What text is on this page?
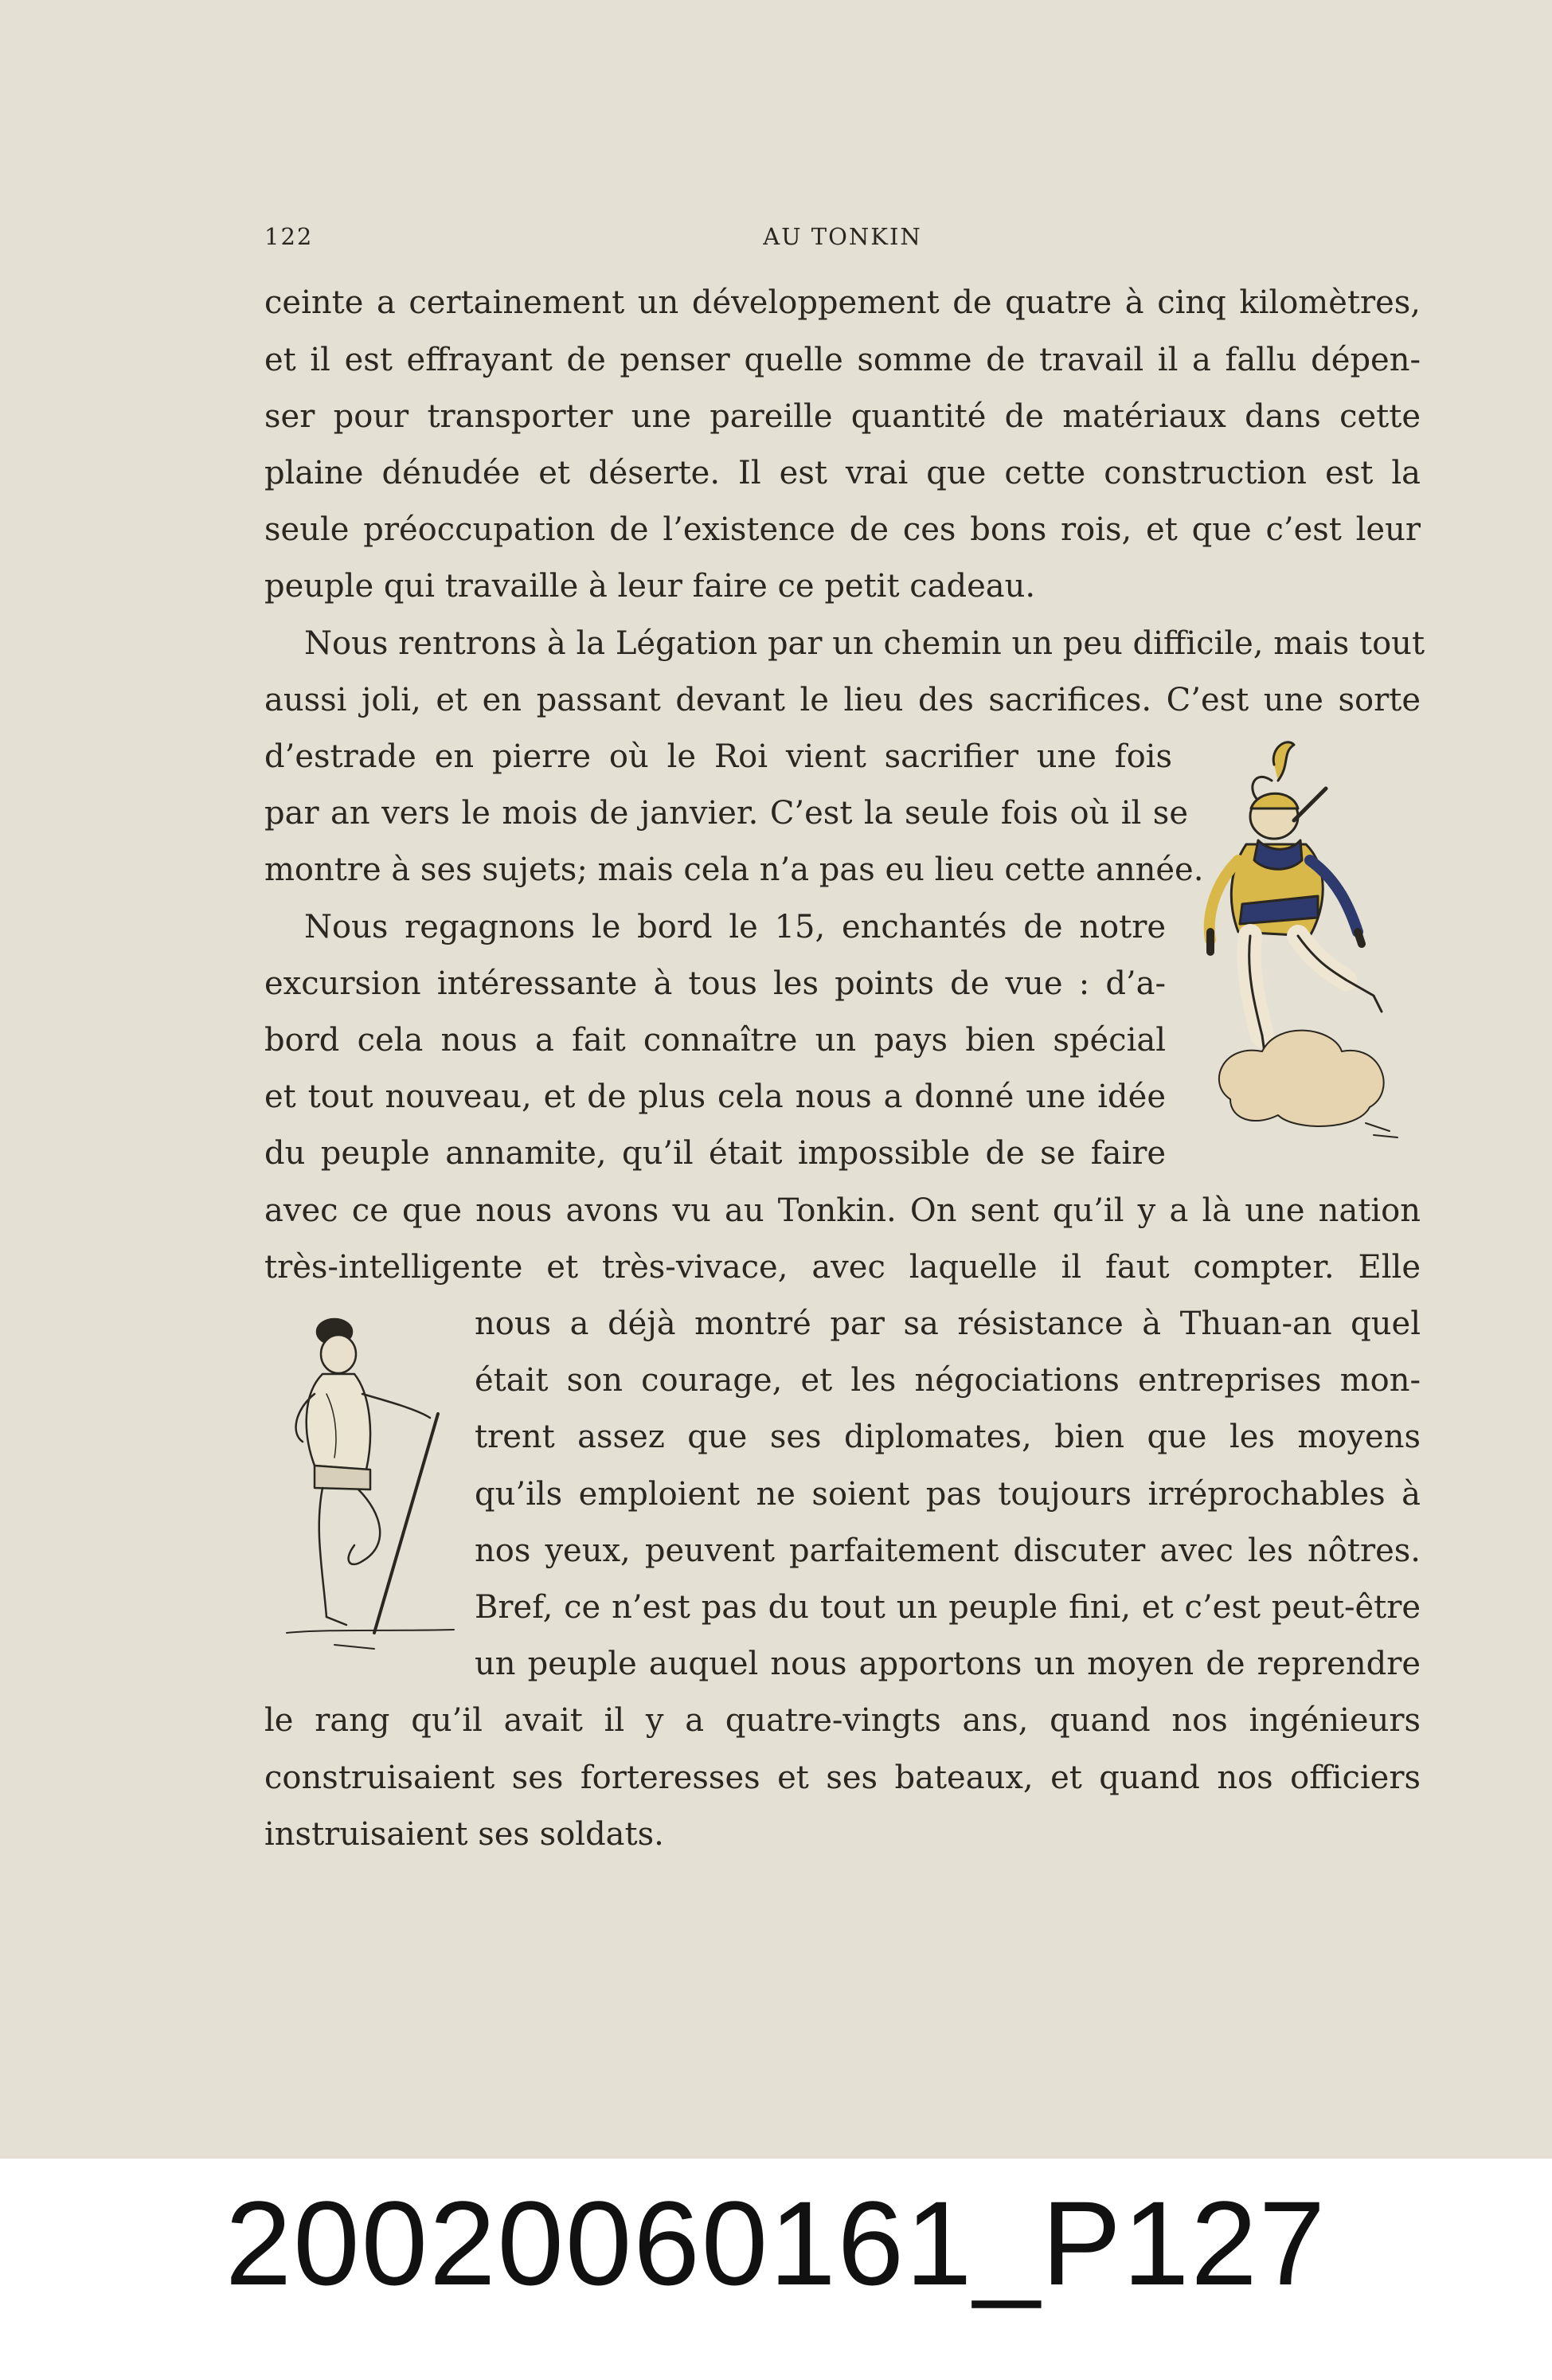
122	AU TONKIN
ceinte a certainement un développement de quatre à cinq kilomètres,
et il est effrayant de penser quelle somme de travail il a fallu dépen-
ser pour transporter une pareille quantité de matériaux dans cette
plaine dénudée et déserte. Il est vrai que cette construction est la
seule préoccupation de l’existence de ces bons rois, et que c’est leur
peuple qui travaille à leur faire ce petit cadeau.
Nous rentrons à la Légation par un chemin un peu difficile, mais tout
aussi joli, et en passant devant le lieu des sacrifices. C’est une sorte
d’estrade en pierre où le Roi vient sacrifier une fois
par an vers le mois de janvier. C’est la seule fois où il se
montre à ses sujets; mais cela n’a pas eu lieu cette année.
Nous regagnons le bord le 15, enchantés de notre
excursion intéressante à tous les points de vue : d’a-
bord cela nous a fait connaître un pays bien spécial
et tout nouveau, et de plus cela nous a donné une idée
du peuple annamite, qu’il était impossible de se faire
avec ce que nous avons vu au Tonkin. On sent qu’il y a là une nation
très-intelligente et très-vivace, avec laquelle il faut compter. Elle
nous a déjà montré par sa résistance à Thuan-an quel
était son courage, et les négociations entreprises mon-
trent assez que ses diplomates, bien que les moyens
qu’ils emploient ne soient pas toujours irréprochables à
nos yeux, peuvent parfaitement discuter avec les nôtres.
Bref, ce n’est pas du tout un peuple fini, et c’est peut-être
un peuple auquel nous apportons un moyen de reprendre
le rang qu’il avait il y a quatre-vingts ans, quand nos ingénieurs
construisaient ses forteresses et ses bateaux, et quand nos officiers
instruisaient ses soldats.
20020060161_P127
